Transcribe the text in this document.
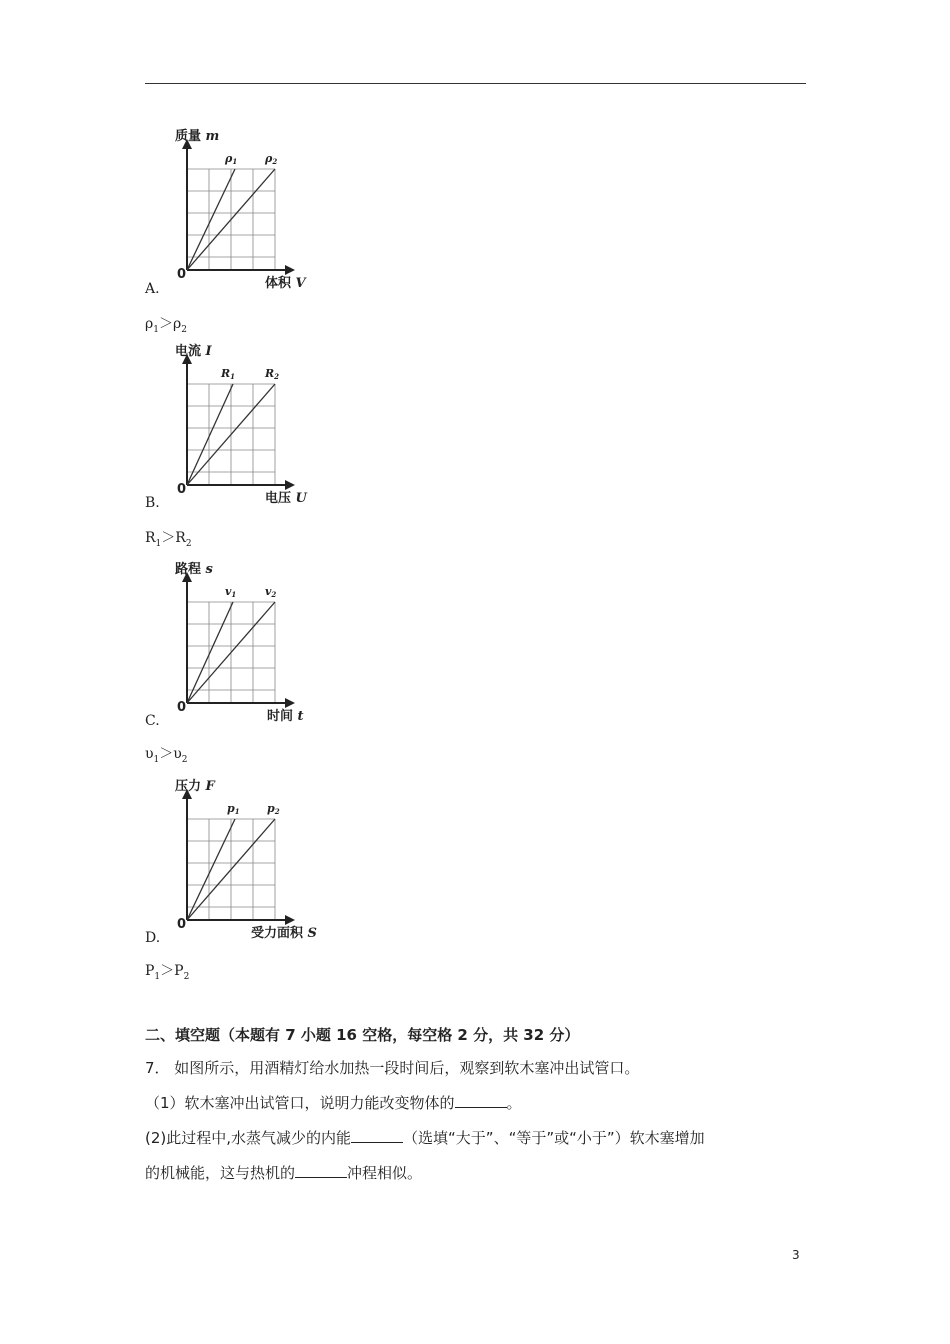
质量 m
0
体积 V
ρ1	ρ2
A.
$\rho_1>\rho_2$
电流 I
0
电压 U
R1	R2
B.
$R_1>R_2$
路程 s
0
时间 t
v1	v2
C.
$\upsilon_1>\upsilon_2$
压力 F
0
受力面积 S
p1 p2
D.
$P_1>P_2$
二、填空题（本题有 7 小题 16 空格，每空格 2 分，共 32 分）
7． 如图所示，用酒精灯给水加热一段时间后，观察到软木塞冲出试管口。
（1）软木塞冲出试管口，说明力能改变物体的	。
(2)此过程中,水蒸气减少的内能	（选填“大于”、“等于”或“小于”）软木塞增加
的机械能，这与热机的	冲程相似。
3
